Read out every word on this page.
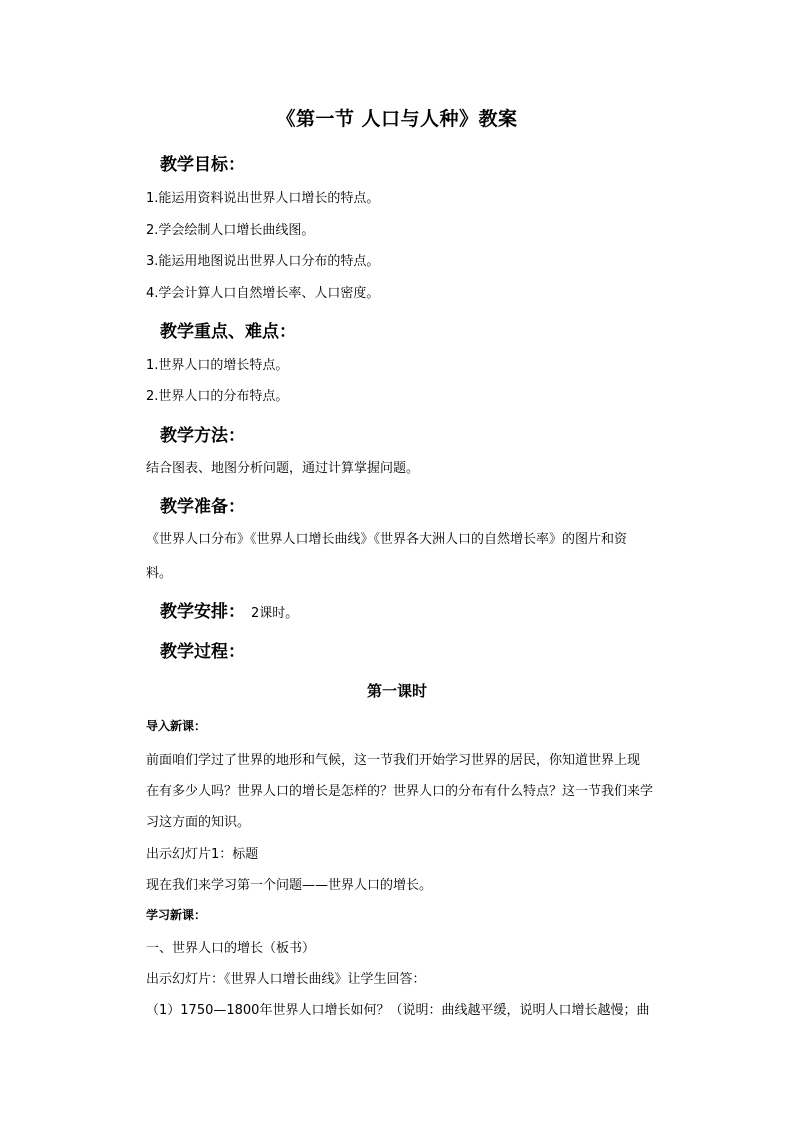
《第一节 人口与人种》教案
教学目标：
1.能运用资料说出世界人口增长的特点。
2.学会绘制人口增长曲线图。
3.能运用地图说出世界人口分布的特点。
4.学会计算人口自然增长率、人口密度。
教学重点、难点：
1.世界人口的增长特点。
2.世界人口的分布特点。
教学方法：
结合图表、地图分析问题，通过计算掌握问题。
教学准备：
《世界人口分布》《世界人口增长曲线》《世界各大洲人口的自然增长率》的图片和资
料。
教学安排： 2课时。
教学过程：
第一课时
导入新课：
前面咱们学过了世界的地形和气候，这一节我们开始学习世界的居民，你知道世界上现
在有多少人吗？世界人口的增长是怎样的？世界人口的分布有什么特点？这一节我们来学
习这方面的知识。
出示幻灯片1：标题
现在我们来学习第一个问题——世界人口的增长。
学习新课：
一、世界人口的增长（板书）
出示幻灯片：《世界人口增长曲线》让学生回答：
（1）1750—1800年世界人口增长如何？（说明：曲线越平缓，说明人口增长越慢；曲
